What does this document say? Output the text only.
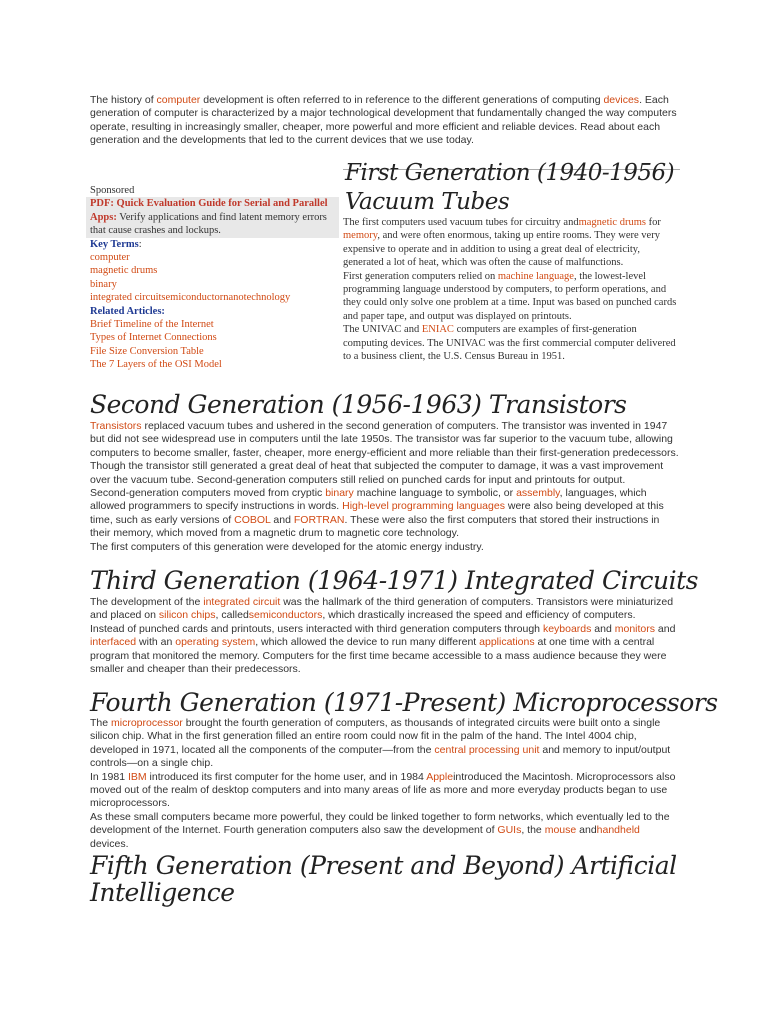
The history of computer development is often referred to in reference to the different generations of computing devices. Each generation of computer is characterized by a major technological development that fundamentally changed the way computers operate, resulting in increasingly smaller, cheaper, more powerful and more efficient and reliable devices. Read about each generation and the developments that led to the current devices that we use today.
First Generation (1940-1956)
Vacuum Tubes
Sponsored
PDF: Quick Evaluation Guide for Serial and Parallel Apps: Verify applications and find latent memory errors that cause crashes and lockups.
Key Terms:
computer
magnetic drums
binary
integrated circuitsemiconductornanotechnology
Related Articles:
Brief Timeline of the Internet
Types of Internet Connections
File Size Conversion Table
The 7 Layers of the OSI Model

The first computers used vacuum tubes for circuitry andmagnetic drums for memory, and were often enormous, taking up entire rooms. They were very expensive to operate and in addition to using a great deal of electricity, generated a lot of heat, which was often the cause of malfunctions.

First generation computers relied on machine language, the lowest-level programming language understood by computers, to perform operations, and they could only solve one problem at a time. Input was based on punched cards and paper tape, and output was displayed on printouts.

The UNIVAC and ENIAC computers are examples of first-generation computing devices. The UNIVAC was the first commercial computer delivered to a business client, the U.S. Census Bureau in 1951.

Second Generation (1956-1963) Transistors

Transistors replaced vacuum tubes and ushered in the second generation of computers. The transistor was invented in 1947 but did not see widespread use in computers until the late 1950s. The transistor was far superior to the vacuum tube, allowing computers to become smaller, faster, cheaper, more energy-efficient and more reliable than their first-generation predecessors. Though the transistor still generated a great deal of heat that subjected the computer to damage, it was a vast improvement over the vacuum tube. Second-generation computers still relied on punched cards for input and printouts for output.

Second-generation computers moved from cryptic binary machine language to symbolic, or assembly, languages, which allowed programmers to specify instructions in words. High-level programming languages were also being developed at this time, such as early versions of COBOL and FORTRAN. These were also the first computers that stored their instructions in their memory, which moved from a magnetic drum to magnetic core technology.

The first computers of this generation were developed for the atomic energy industry.

Third Generation (1964-1971) Integrated Circuits

The development of the integrated circuit was the hallmark of the third generation of computers. Transistors were miniaturized and placed on silicon chips, calledsemiconductors, which drastically increased the speed and efficiency of computers.

Instead of punched cards and printouts, users interacted with third generation computers through keyboards and monitors and interfaced with an operating system, which allowed the device to run many different applications at one time with a central program that monitored the memory. Computers for the first time became accessible to a mass audience because they were smaller and cheaper than their predecessors.

Fourth Generation (1971-Present) Microprocessors

The microprocessor brought the fourth generation of computers, as thousands of integrated circuits were built onto a single silicon chip. What in the first generation filled an entire room could now fit in the palm of the hand. The Intel 4004 chip, developed in 1971, located all the components of the computer—from the central processing unit and memory to input/output controls—on a single chip.

In 1981 IBM introduced its first computer for the home user, and in 1984 Appleintroduced the Macintosh. Microprocessors also moved out of the realm of desktop computers and into many areas of life as more and more everyday products began to use microprocessors.

As these small computers became more powerful, they could be linked together to form networks, which eventually led to the development of the Internet. Fourth generation computers also saw the development of GUIs, the mouse andhandheld devices.

Fifth Generation (Present and Beyond) Artificial Intelligence
